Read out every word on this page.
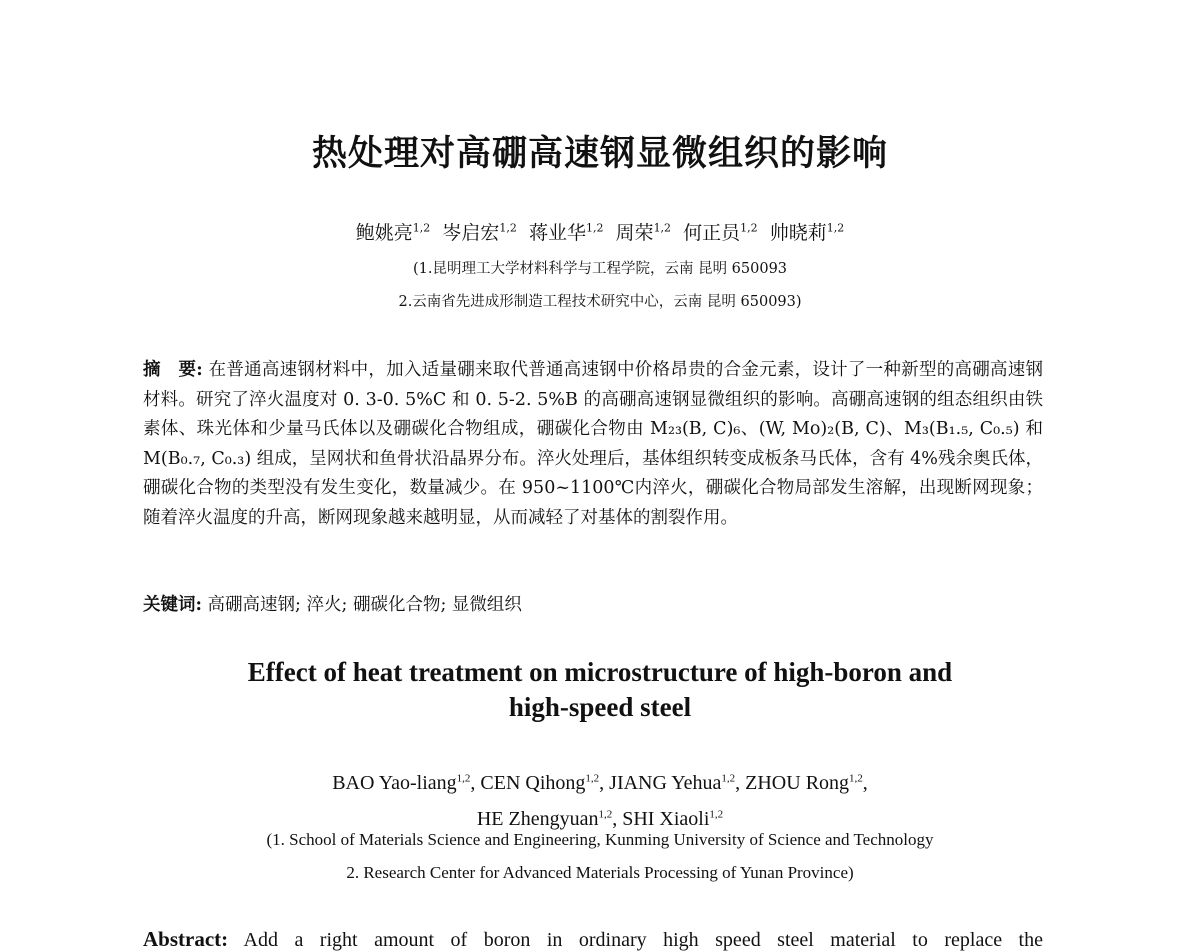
热处理对高硼高速钢显微组织的影响
鲍姚亮$^{1,2}$ 岑启宏$^{1,2}$ 蒋业华$^{1,2}$ 周荣$^{1,2}$ 何正员$^{1,2}$ 帅晓莉$^{1,2}$
(1.昆明理工大学材料科学与工程学院，云南 昆明 650093
2.云南省先进成形制造工程技术研究中心，云南 昆明 650093)
摘　要: 在普通高速钢材料中，加入适量硼来取代普通高速钢中价格昂贵的合金元素，设计了一种新型的高硼高速钢材料。研究了淬火温度对 0. 3-0. 5%C 和 0. 5-2. 5%B 的高硼高速钢显微组织的影响。高硼高速钢的组态组织由铁素体、珠光体和少量马氏体以及硼碳化合物组成，硼碳化合物由 M₂₃(B, C)₆、(W, Mo)₂(B, C)、M₃(B₁.₅, C₀.₅) 和 M(B₀.₇, C₀.₃) 组成，呈网状和鱼骨状沿晶界分布。淬火处理后，基体组织转变成板条马氏体，含有 4%残余奥氏体，硼碳化合物的类型没有发生变化，数量减少。在 950~1100℃内淬火，硼碳化合物局部发生溶解，出现断网现象；随着淬火温度的升高，断网现象越来越明显，从而减轻了对基体的割裂作用。
关键词: 高硼高速钢; 淬火; 硼碳化合物; 显微组织
Effect of heat treatment on microstructure of high-boron and
high-speed steel
BAO Yao-liang$^{1,2}$, CEN Qihong$^{1,2}$, JIANG Yehua$^{1,2}$, ZHOU Rong$^{1,2}$,
HE Zhengyuan$^{1,2}$, SHI Xiaoli$^{1,2}$
(1. School of Materials Science and Engineering, Kunming University of Science and Technology
2. Research Center for Advanced Materials Processing of Yunan Province)
Abstract: Add a right amount of boron in ordinary high speed steel material to replace the
